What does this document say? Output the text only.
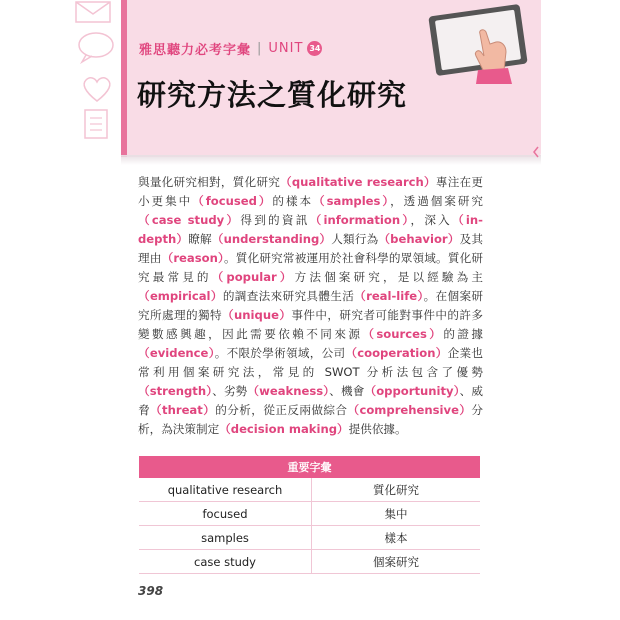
雅思聽力必考字彙 | UNIT 34
研究方法之質化研究
與量化研究相對，質化研究（qualitative research）專注在更小更集中（focused）的樣本（samples），透過個案研究（case study）得到的資訊（information），深入（in-depth）瞭解（understanding）人類行為（behavior）及其理由（reason）。質化研究常被運用於社會科學的眾領域。質化研究最常見的（popular）方法個案研究，是以經驗為主（empirical）的調查法來研究具體生活（real-life）。在個案研究所處理的獨特（unique）事件中，研究者可能對事件中的許多變數感興趣，因此需要依賴不同來源（sources）的證據（evidence）。不限於學術領域，公司（cooperation）企業也常利用個案研究法，常見的 SWOT 分析法包含了優勢（strength）、劣勢（weakness）、機會（opportunity）、威脅（threat）的分析，從正反兩做綜合（comprehensive）分析，為決策制定（decision making）提供依據。
重要字彙	
qualitative research	質化研究
focused	集中
samples	樣本
case study	個案研究
398
